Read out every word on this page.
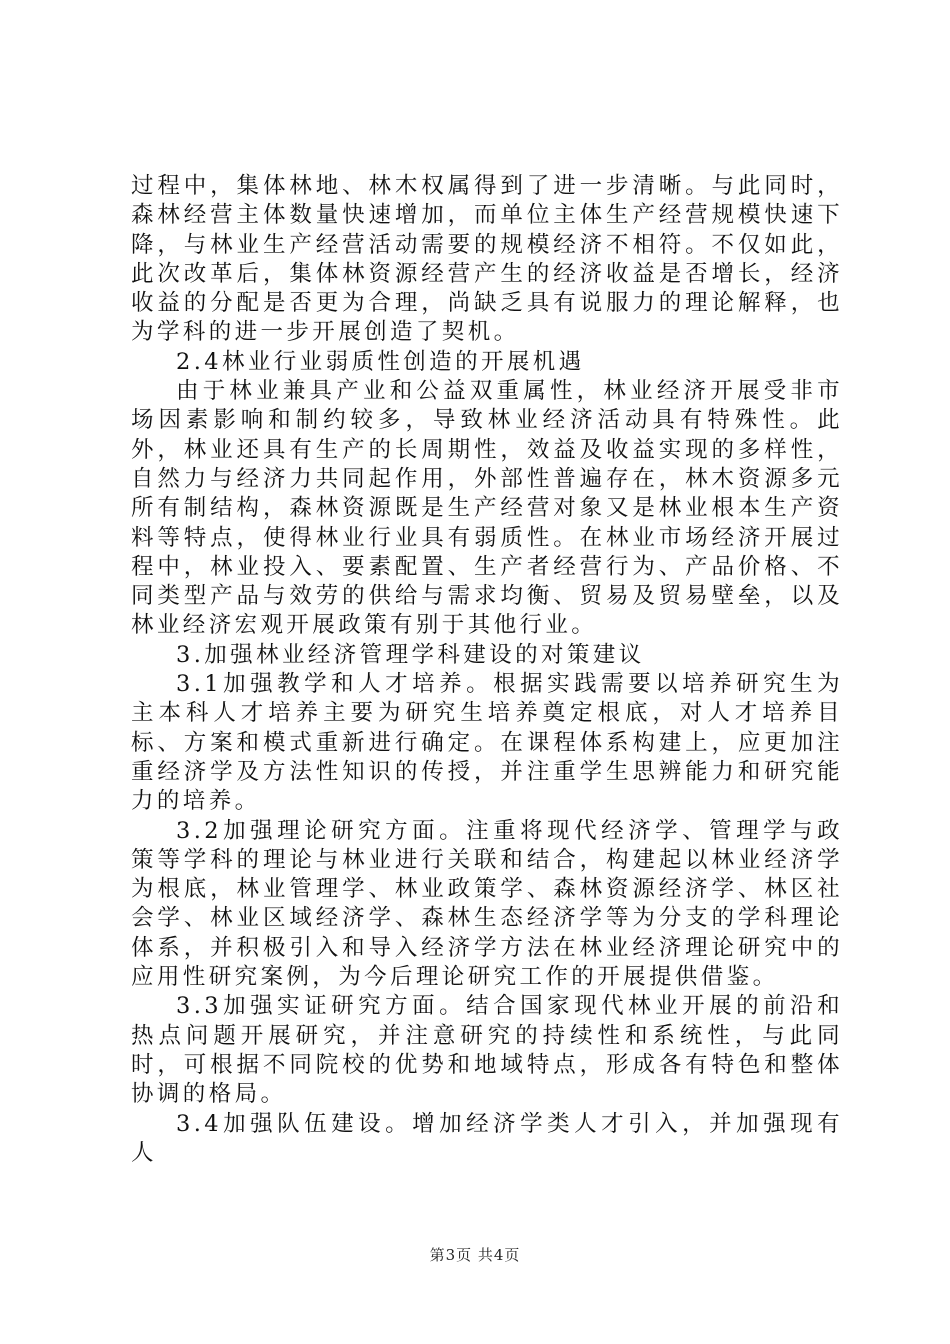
过程中，集体林地、林木权属得到了进一步清晰。与此同时，森林经营主体数量快速增加，而单位主体生产经营规模快速下降，与林业生产经营活动需要的规模经济不相符。不仅如此，此次改革后，集体林资源经营产生的经济收益是否增长，经济收益的分配是否更为合理，尚缺乏具有说服力的理论解释，也为学科的进一步开展创造了契机。

2.4林业行业弱质性创造的开展机遇

由于林业兼具产业和公益双重属性，林业经济开展受非市场因素影响和制约较多，导致林业经济活动具有特殊性。此外，林业还具有生产的长周期性，效益及收益实现的多样性，自然力与经济力共同起作用，外部性普遍存在，林木资源多元所有制结构，森林资源既是生产经营对象又是林业根本生产资料等特点，使得林业行业具有弱质性。在林业市场经济开展过程中，林业投入、要素配置、生产者经营行为、产品价格、不同类型产品与效劳的供给与需求均衡、贸易及贸易壁垒，以及林业经济宏观开展政策有别于其他行业。

3.加强林业经济管理学科建设的对策建议

3.1加强教学和人才培养。根据实践需要以培养研究生为主本科人才培养主要为研究生培养奠定根底，对人才培养目标、方案和模式重新进行确定。在课程体系构建上，应更加注重经济学及方法性知识的传授，并注重学生思辨能力和研究能力的培养。

3.2加强理论研究方面。注重将现代经济学、管理学与政策等学科的理论与林业进行关联和结合，构建起以林业经济学为根底，林业管理学、林业政策学、森林资源经济学、林区社会学、林业区域经济学、森林生态经济学等为分支的学科理论体系，并积极引入和导入经济学方法在林业经济理论研究中的应用性研究案例，为今后理论研究工作的开展提供借鉴。

3.3加强实证研究方面。结合国家现代林业开展的前沿和热点问题开展研究，并注意研究的持续性和系统性，与此同时，可根据不同院校的优势和地域特点，形成各有特色和整体协调的格局。

3.4加强队伍建设。增加经济学类人才引入，并加强现有人

第3页 共4页
